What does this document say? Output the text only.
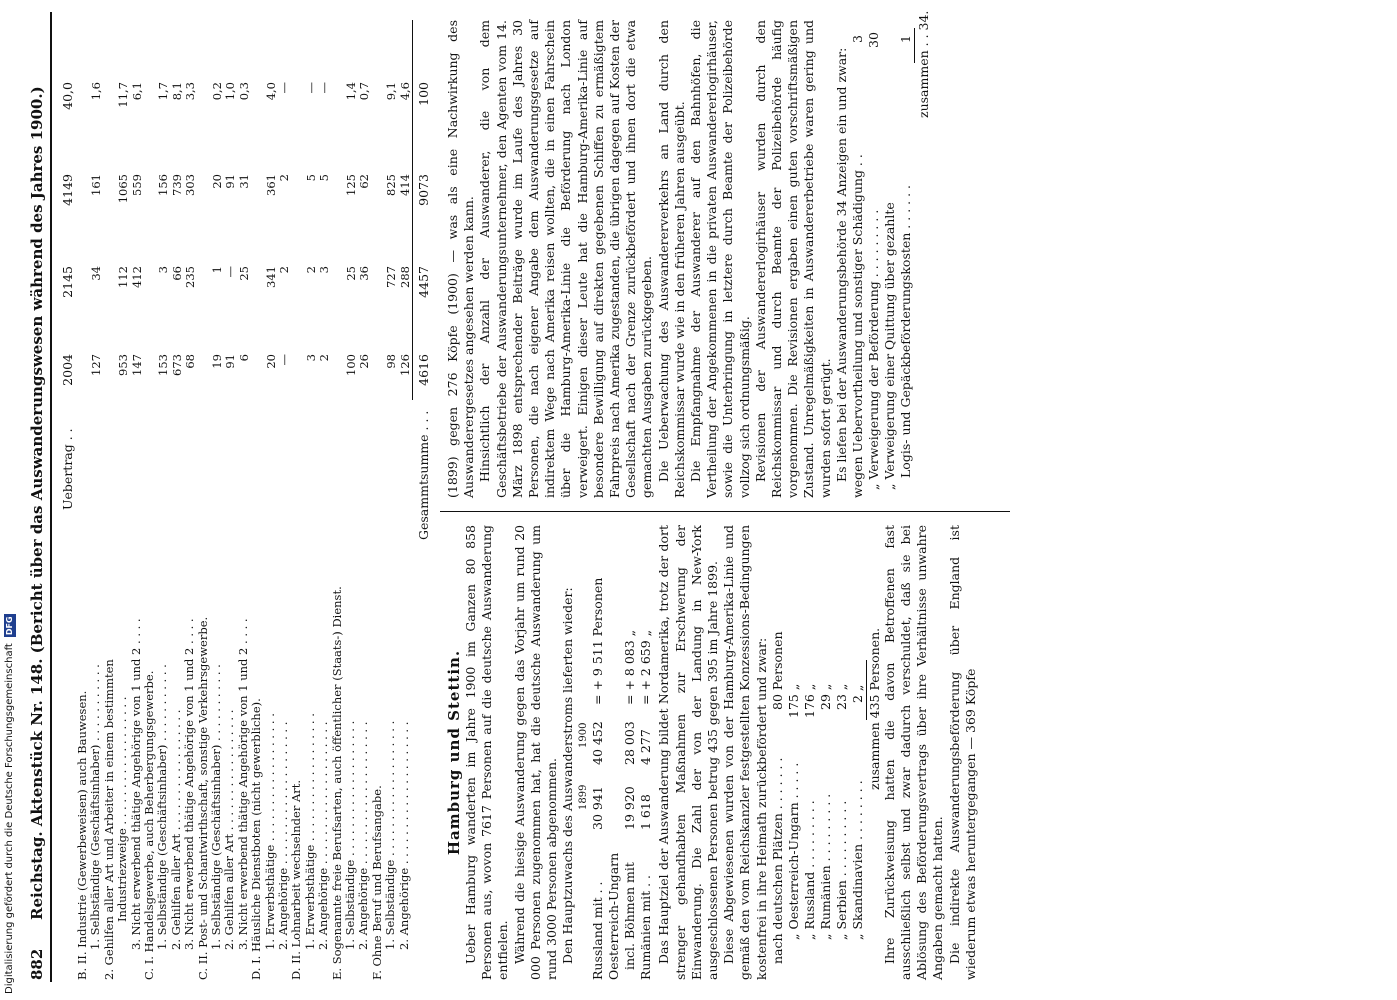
Digitalisierung gefördert durch die Deutsche ForschungsgemeinschaftDFG
882
Reichstag. Aktenstück Nr. 148. (Bericht über das Auswanderungswesen während des Jahres 1900.) Uebertrag . .
2004
2145
4149
40,0
B. II. Industrie (Gewerbeweisen) auch Bauwesen. 1. Selbständige (Geschäftsinhaber) . . . . . . . . . . .
127
34
161
1,6
2. Gehilfen aller Art und Arbeiter in einem bestimmten Industriezweige . . . . . . . . . . . . . . . . . .
953
112
1065
11,7
3. Nicht erwerbend thätige Angehörige von 1 und 2 . . . .
147
412
559
6,1
C. I. Handelsgewerbe, auch Beherbergungsgewerbe. 1. Selbständige (Geschäftsinhaber) . . . . . . . . . . .
153
3
156
1,7
2. Gehilfen aller Art . . . . . . . . . . . . . . . . .
673
66
739
8,1
3. Nicht erwerbend thätige Angehörige von 1 und 2 . . . .
68
235
303
3,3
C. II. Post- und Schantwirthschaft, sonstige Verkehrsgewerbe. 1. Selbständige (Geschäftsinhaber) . . . . . . . . . . .
19
1
20
0,2
2. Gehilfen aller Art . . . . . . . . . . . . . . . . .
91
—
91
1,0
3. Nicht erwerbend thätige Angehörige von 1 und 2 . . . .
6
25
31
0,3
D. I. Häusliche Dienstboten (nicht gewerbliche). 1. Erwerbsthätige . . . . . . . . . . . . . . . . . .
20
341
361
4,0
2. Angehörige . . . . . . . . . . . . . . . . . . . .
—
2
2
—
D. II. Lohnarbeit wechselnder Art. 1. Erwerbsthätige . . . . . . . . . . . . . . . . . .
3
2
5
—
2. Angehörige . . . . . . . . . . . . . . . . . . . .
2
3
5
—
E. Sogenannte freie Berufsarten, auch öffentlicher (Staats-) Dienst. 1. Selbständige . . . . . . . . . . . . . . . . . . .
100
25
125
1,4
2. Angehörige . . . . . . . . . . . . . . . . . . . .
26
36
62
0,7
F. Ohne Beruf und Berufsangabe. 1. Selbständige . . . . . . . . . . . . . . . . . . .
98
727
825
9,1
2. Angehörige . . . . . . . . . . . . . . . . . . . .
126
288
414
4,6
Gesammtsumme . . .
4616
4457
9073
100
Hamburg und Stettin. Ueber Hamburg wanderten im Jahre 1900 im Ganzen 80 858 Personen aus, wovon 7617 Personen auf die deutsche Auswanderung entfielen. Während die hiesige Auswanderung gegen das Vorjahr um rund 20 000 Personen zugenommen hat, hat die deutsche Auswanderung um rund 3000 Personen abgenommen. Den Hauptzuwachs des Auswanderstroms lieferten wieder: 1899
1900
Russland mit . .
30 941
40 452
= + 9 511 Personen
Oesterreich-Ungarn incl. Böhmen mit
19 920
28 003
= + 8 083 „
Rumänien mit . .
1 618
4 277
= + 2 659 „ Das Hauptziel der Auswanderung bildet Nordamerika, trotz der dort strenger gehandhabten Maßnahmen zur Erschwerung der Einwanderung. Die Zahl der von der Landung in New-York ausgeschlossenen Personen betrug 435 gegen 395 im Jahre 1899. Diese Abgewiesenen wurden von der Hamburg-Amerika-Linie und gemäß den vom Reichskanzler festgestellten Konzessions-Bedingungen kostenfrei in ihre Heimath zurückbefördert und zwar: nach deutschen Plätzen . . . . . . .
80 Personen
„ Oesterreich-Ungarn . . . . .
175 „
„ Russland . . . . . . . . .
176 „
„ Rumänien . . . . . . . . .
29 „
„ Serbien . . . . . . . . . .
23 „
„ Skandinavien . . . . . . . .
2 „ zusammen 435 Personen. Ihre Zurückweisung hatten die davon Betroffenen fast ausschließlich selbst und zwar dadurch verschuldet, daß sie bei Ablösung des Beförderungsvertrags über ihre Verhältnisse unwahre Angaben gemacht hatten. Die indirekte Auswanderungsbeförderung über England ist wiederum etwas heruntergegangen — 369 Köpfe

(1899) gegen 276 Köpfe (1900) — was als eine Nachwirkung des Auswanderergesetzes angesehen werden kann. Hinsichtlich der Anzahl der Auswanderer, die von dem Geschäftsbetriebe der Auswanderungsunternehmer, den Agenten vom 14. März 1898 entsprechender Beiträge wurde im Laufe des Jahres 30 Personen, die nach eigener Angabe dem Auswanderungsgesetze auf indirektem Wege nach Amerika reisen wollten, die in einen Fahrschein über die Hamburg-Amerika-Linie die Beförderung nach London verweigert. Einigen dieser Leute hat die Hamburg-Amerika-Linie auf besondere Bewilligung auf direkten gegebenen Schiffen zu ermäßigtem Fahrpreis nach Amerika zugestanden, die übrigen dagegen auf Kosten der Gesellschaft nach der Grenze zurückbefördert und ihnen dort die etwa gemachten Ausgaben zurückgegeben. Die Ueberwachung des Auswandererverkehrs an Land durch den Reichskommissar wurde wie in den früheren Jahren ausgeübt. Die Empfangnahme der Auswanderer auf den Bahnhöfen, die Vertheilung der Angekommenen in die privaten Auswandererlogirhäuser, sowie die Unterbringung in letztere durch Beamte der Polizeibehörde vollzog sich ordnungsmäßig. Revisionen der Auswandererlogirhäuser wurden durch den Reichskommissar und durch Beamte der Polizeibehörde häufig vorgenommen. Die Revisionen ergaben einen guten vorschriftsmäßigen Zustand. Unregelmäßigkeiten in Auswandererbetriebe waren gering und wurden sofort gerügt. Es liefen bei der Auswanderungsbehörde 34 Anzeigen ein und zwar: wegen Uebervortheilung und sonstiger Schädigung . .
3
„ Verweigerung der Beförderung . . . . . . . . .
30
„ Verweigerung einer Quittung über gezahlte Logis- und Gepäckbeförderungskosten . . . . . .
1 zusammen . . 34.
